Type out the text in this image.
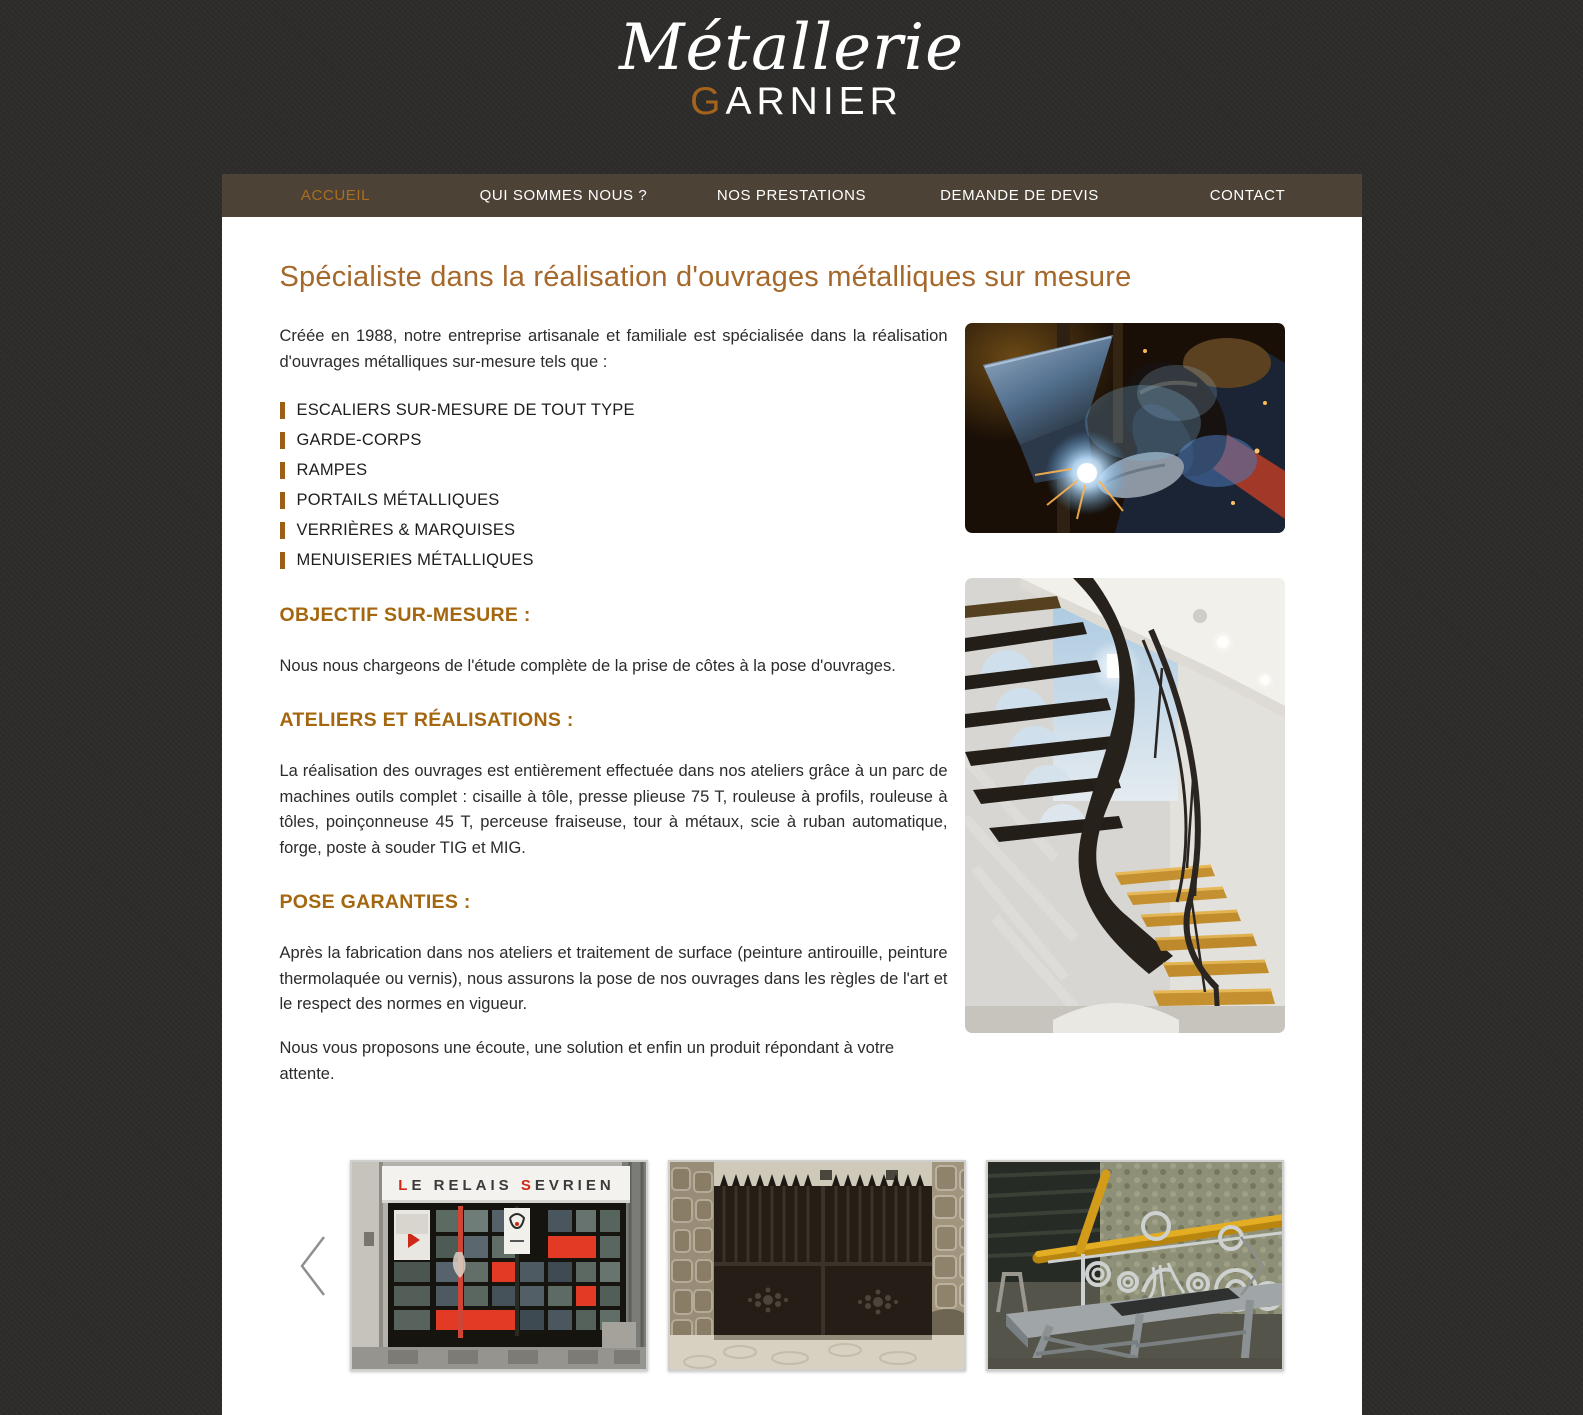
Métallerie
GARNIER
ACCUEIL	QUI SOMMES NOUS ?	NOS PRESTATIONS	DEMANDE DE DEVIS	CONTACT
Spécialiste dans la réalisation d'ouvrages métalliques sur mesure

Créée en 1988, notre entreprise artisanale et familiale est spécialisée dans la réalisation d'ouvrages métalliques sur-mesure tels que :

ESCALIERS SUR-MESURE DE TOUT TYPE
GARDE-CORPS
RAMPES
PORTAILS MÉTALLIQUES
VERRIÈRES & MARQUISES
MENUISERIES MÉTALLIQUES
OBJECTIF SUR-MESURE :

Nous nous chargeons de l'étude complète de la prise de côtes à la pose d'ouvrages.

ATELIERS ET RÉALISATIONS :

La réalisation des ouvrages est entièrement effectuée dans nos ateliers grâce à un parc de machines outils complet : cisaille à tôle, presse plieuse 75 T, rouleuse à profils, rouleuse à tôles, poinçonneuse 45 T, perceuse fraiseuse, tour à métaux, scie à ruban automatique, forge, poste à souder TIG et MIG.

POSE GARANTIES :

Après la fabrication dans nos ateliers et traitement de surface (peinture antirouille, peinture thermolaquée ou vernis), nous assurons la pose de nos ouvrages dans les règles de l'art et le respect des normes en vigueur.

Nous vous proposons une écoute, une solution et enfin un produit répondant à votre attente.

L E RELAIS S EVRIEN
